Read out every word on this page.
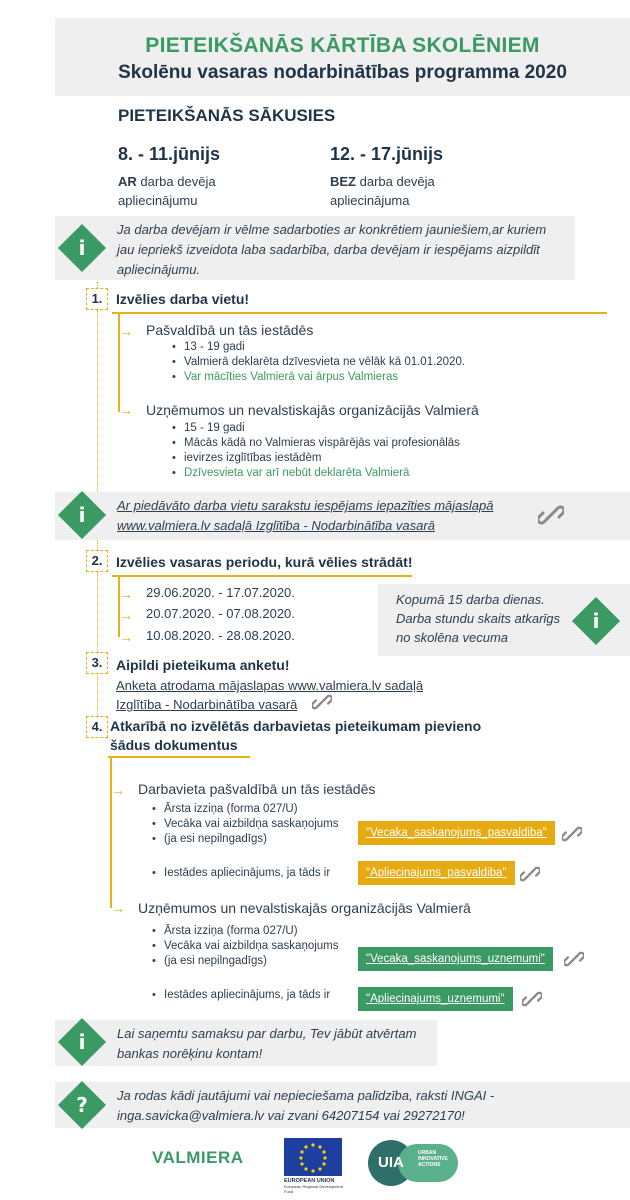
PIETEIKŠANĀS KĀRTĪBA SKOLĒNIEM
Skolēnu vasaras nodarbinātības programma 2020
PIETEIKŠANĀS SĀKUSIES
8. - 11.jūnijs
AR darba devēja
apliecinājumu
12. - 17.jūnijs
BEZ darba devēja
apliecinājuma
i
Ja darba devējam ir vēlme sadarboties ar konkrētiem jauniešiem,ar kuriem
jau iepriekš izveidota laba sadarbība, darba devējam ir iespējams aizpildīt
apliecinājumu.
1. Izvēlies darba vietu!
→ Pašvaldībā un tās iestādēs
• 13 - 19 gadi
• Valmierā deklarēta dzīvesvieta ne vēlāk kā 01.01.2020.
• Var mācīties Valmierā vai ārpus Valmieras
→ Uzņēmumos un nevalstiskajās organizācijās Valmierā
• 15 - 19 gadi
• Mācās kādā no Valmieras vispārējās vai profesionālās
• ievirzes izglītības iestādēm
• Dzīvesvieta var arī nebūt deklarēta Valmierā
i	Ar piedāvāto darba vietu sarakstu iespējams iepazīties mājaslapā
www.valmiera.lv sadaļā Izglītība - Nodarbinātība vasarā
2. Izvēlies vasaras periodu, kurā vēlies strādāt!
→ 29.06.2020. - 17.07.2020.
→ 20.07.2020. - 07.08.2020.
→ 10.08.2020. - 28.08.2020.
Kopumā 15 darba dienas.
Darba stundu skaits atkarīgs
no skolēna vecuma
i
3. Aipildi pieteikuma anketu!
Anketa atrodama mājaslapas www.valmiera.lv sadaļā
Izglītība - Nodarbinātība vasarā
4. Atkarībā no izvēlētās darbavietas pieteikumam pievieno
šādus dokumentus
→ Darbavieta pašvaldībā un tās iestādēs
• Ārsta izziņa (forma 027/U)
• Vecāka vai aizbildņa saskaņojums
• (ja esi nepilngadīgs)
• Iestādes apliecinājums, ja tāds ir
"Vecaka_saskanojums_pasvaldiba"
"Apliecinajums_pasvaldiba"
→ Uzņēmumos un nevalstiskajās organizācijās Valmierā
• Ārsta izziņa (forma 027/U)
• Vecāka vai aizbildņa saskaņojums
• (ja esi nepilngadīgs)
• Iestādes apliecinājums, ja tāds ir
"Vecaka_saskanojums_uznemumi"
"Apliecinajums_uznemumi"
i	Lai saņemtu samaksu par darbu, Tev jābūt atvērtam
bankas norēķinu kontam!
?	Ja rodas kādi jautājumi vai nepieciešama palīdzība, raksti INGAI -
inga.savicka@valmiera.lv vai zvani 64207154 vai 29272170!
VALMIERA
EUROPEAN UNION
European Regional Development Fund
UIA
URBAN
INNOVATIVE
ACTIONS
